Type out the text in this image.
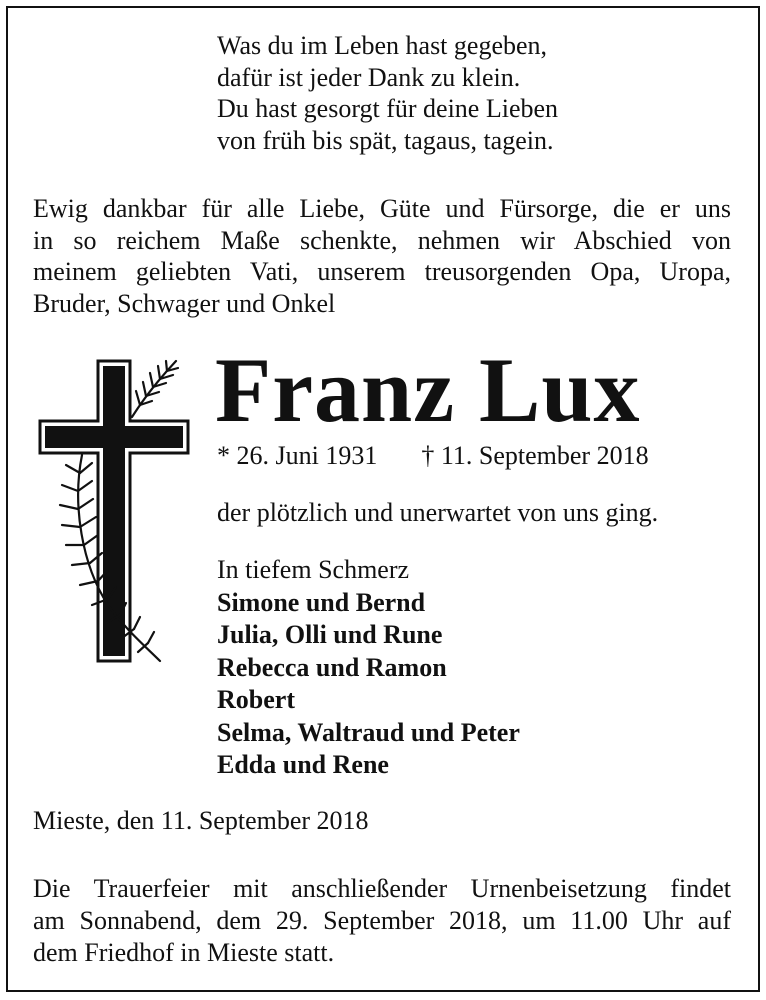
Was du im Leben hast gegeben,
dafür ist jeder Dank zu klein.
Du hast gesorgt für deine Lieben
von früh bis spät, tagaus, tagein.
Ewig dankbar für alle Liebe, Güte und Fürsorge, die er uns
in so reichem Maße schenkte, nehmen wir Abschied von
meinem geliebten Vati, unserem treusorgenden Opa, Uropa,
Bruder, Schwager und Onkel
Franz Lux
* 26. Juni 1931 † 11. September 2018
der plötzlich und unerwartet von uns ging.
In tiefem Schmerz
Simone und Bernd
Julia, Olli und Rune
Rebecca und Ramon
Robert
Selma, Waltraud und Peter
Edda und Rene
Mieste, den 11. September 2018
Die Trauerfeier mit anschließender Urnenbeisetzung findet
am Sonnabend, dem 29. September 2018, um 11.00 Uhr auf
dem Friedhof in Mieste statt.
